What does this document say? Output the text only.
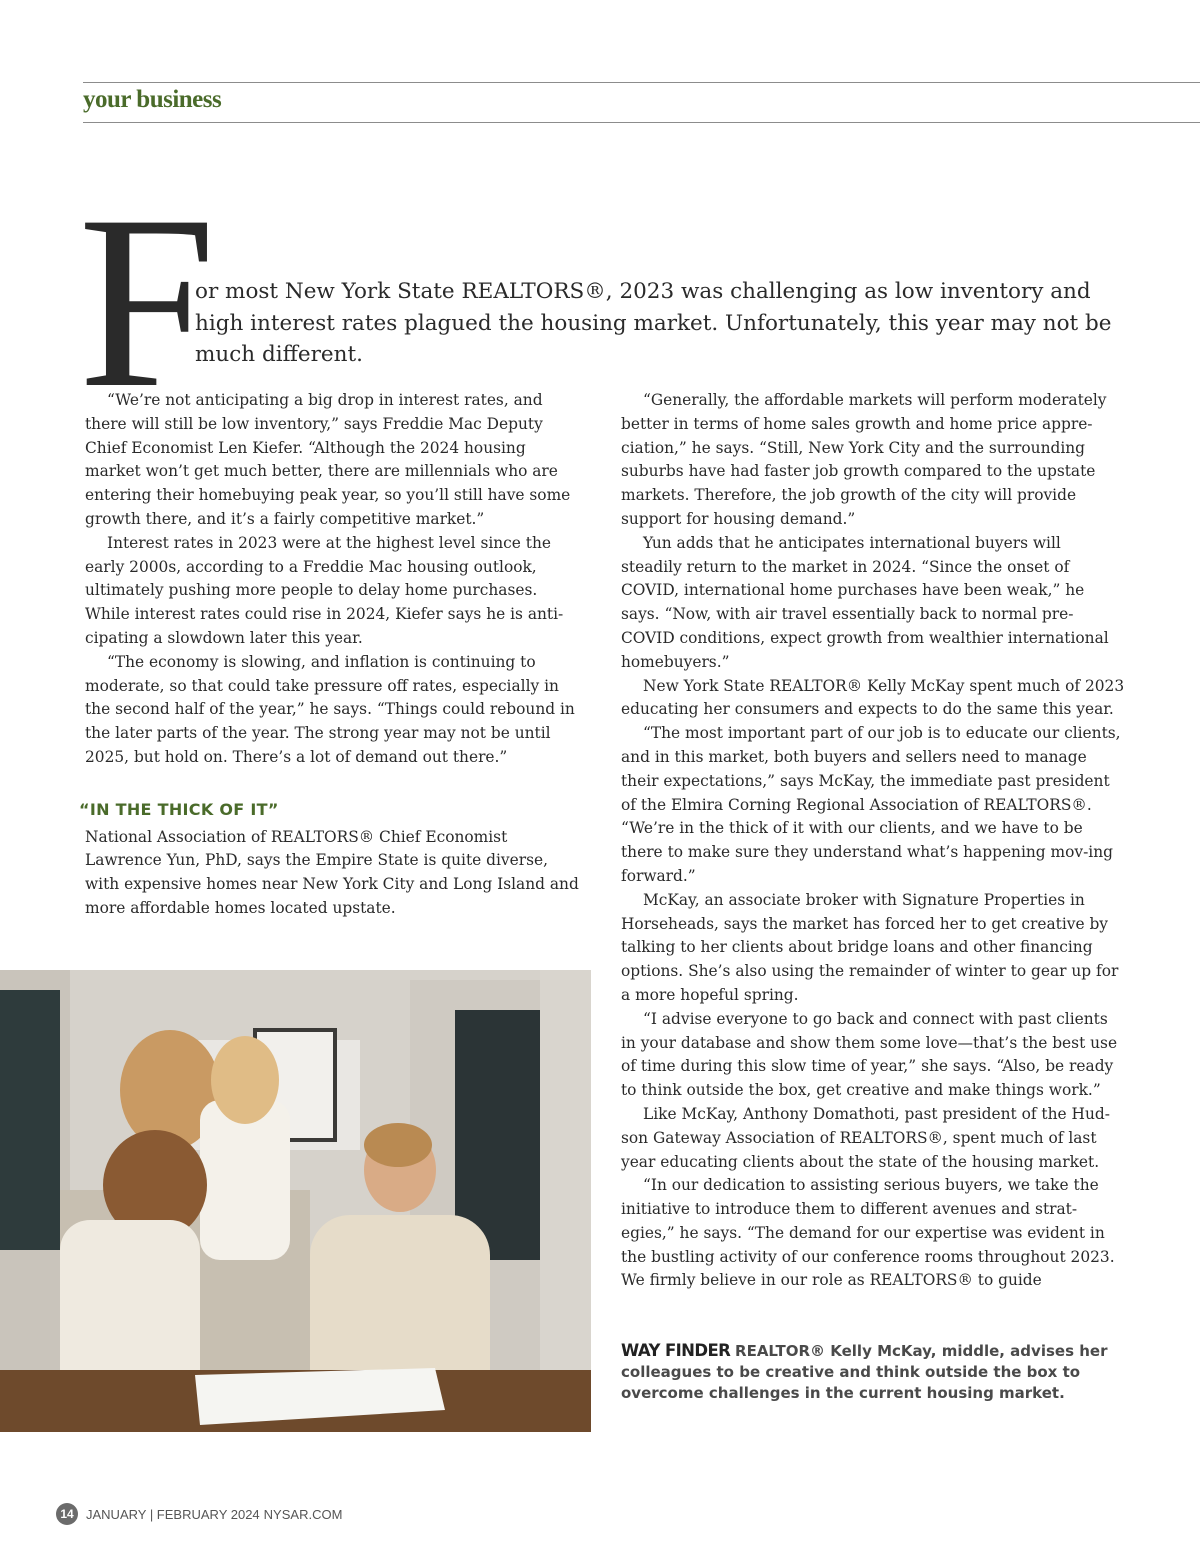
your business
F
or most New York State REALTORS®, 2023 was challenging as low inventory and high interest rates plagued the housing market. Unfortunately, this year may not be much different.

“We’re not anticipating a big drop in interest rates, and there will still be low inventory,” says Freddie Mac Deputy Chief Economist Len Kiefer. “Although the 2024 housing market won’t get much better, there are millennials who are entering their homebuying peak year, so you’ll still have some growth there, and it’s a fairly competitive market.”

Interest rates in 2023 were at the highest level since the early 2000s, according to a Freddie Mac housing outlook, ultimately pushing more people to delay home purchases. While interest rates could rise in 2024, Kiefer says he is anti-cipating a slowdown later this year.

“The economy is slowing, and inflation is continuing to moderate, so that could take pressure off rates, especially in the second half of the year,” he says. “Things could rebound in the later parts of the year. The strong year may not be until 2025, but hold on. There’s a lot of demand out there.”

“IN THE THICK OF IT”

National Association of REALTORS® Chief Economist Lawrence Yun, PhD, says the Empire State is quite diverse, with expensive homes near New York City and Long Island and more affordable homes located upstate.

“Generally, the affordable markets will perform moderately better in terms of home sales growth and home price appre-ciation,” he says. “Still, New York City and the surrounding suburbs have had faster job growth compared to the upstate markets. Therefore, the job growth of the city will provide support for housing demand.”

Yun adds that he anticipates international buyers will steadily return to the market in 2024. “Since the onset of COVID, international home purchases have been weak,” he says. “Now, with air travel essentially back to normal pre-COVID conditions, expect growth from wealthier international homebuyers.”

New York State REALTOR® Kelly McKay spent much of 2023 educating her consumers and expects to do the same this year.

“The most important part of our job is to educate our clients, and in this market, both buyers and sellers need to manage their expectations,” says McKay, the immediate past president of the Elmira Corning Regional Association of REALTORS®. “We’re in the thick of it with our clients, and we have to be there to make sure they understand what’s happening mov-ing forward.”

McKay, an associate broker with Signature Properties in Horseheads, says the market has forced her to get creative by talking to her clients about bridge loans and other financing options. She’s also using the remainder of winter to gear up for a more hopeful spring.

“I advise everyone to go back and connect with past clients in your database and show them some love—that’s the best use of time during this slow time of year,” she says. “Also, be ready to think outside the box, get creative and make things work.”

Like McKay, Anthony Domathoti, past president of the Hud-son Gateway Association of REALTORS®, spent much of last year educating clients about the state of the housing market.

“In our dedication to assisting serious buyers, we take the initiative to introduce them to different avenues and strat-egies,” he says. “The demand for our expertise was evident in the bustling activity of our conference rooms throughout 2023. We firmly believe in our role as REALTORS® to guide

WAY FINDER REALTOR® Kelly McKay, middle, advises her colleagues to be creative and think outside the box to overcome challenges in the current housing market.
14 JANUARY | FEBRUARY 2024 NYSAR.COM
